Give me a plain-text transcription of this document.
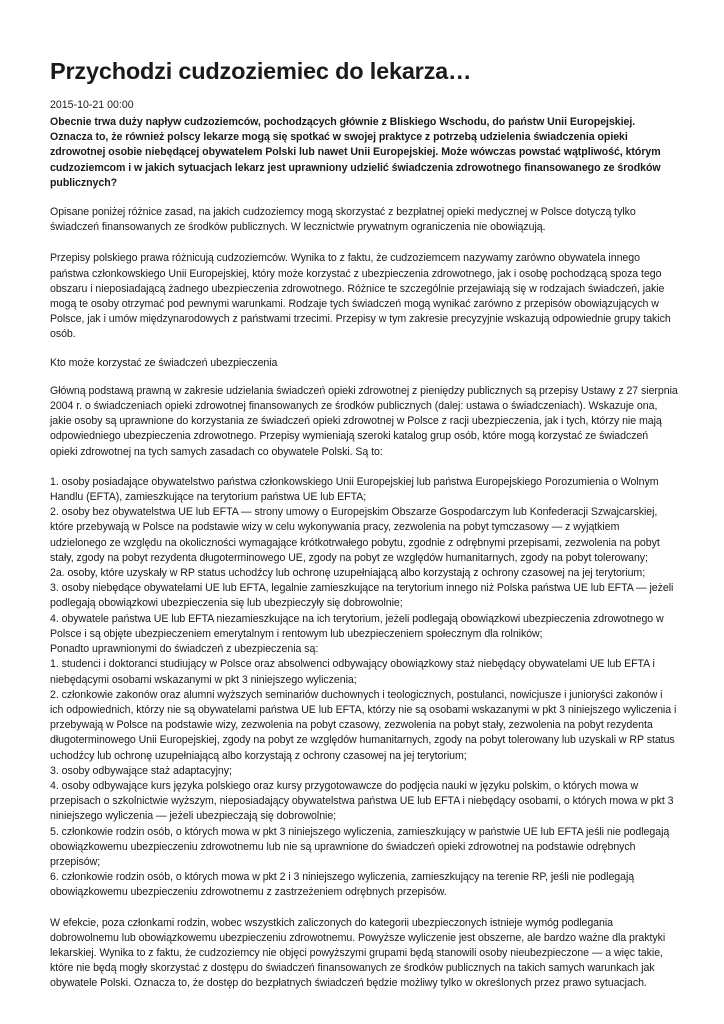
Przychodzi cudzoziemiec do lekarza…
2015-10-21 00:00
Obecnie trwa duży napływ cudzoziemców, pochodzących głównie z Bliskiego Wschodu, do państw Unii Europejskiej. Oznacza to, że również polscy lekarze mogą się spotkać w swojej praktyce z potrzebą udzielenia świadczenia opieki zdrowotnej osobie niebędącej obywatelem Polski lub nawet Unii Europejskiej. Może wówczas powstać wątpliwość, którym cudzoziemcom i w jakich sytuacjach lekarz jest uprawniony udzielić świadczenia zdrowotnego finansowanego ze środków publicznych?

Opisane poniżej różnice zasad, na jakich cudzoziemcy mogą skorzystać z bezpłatnej opieki medycznej w Polsce dotyczą tylko świadczeń finansowanych ze środków publicznych. W lecznictwie prywatnym ograniczenia nie obowiązują.

Przepisy polskiego prawa różnicują cudzoziemców. Wynika to z faktu, że cudzoziemcem nazywamy zarówno obywatela innego państwa członkowskiego Unii Europejskiej, który może korzystać z ubezpieczenia zdrowotnego, jak i osobę pochodzącą spoza tego obszaru i nieposiadającą żadnego ubezpieczenia zdrowotnego. Różnice te szczególnie przejawiają się w rodzajach świadczeń, jakie mogą te osoby otrzymać pod pewnymi warunkami. Rodzaje tych świadczeń mogą wynikać zarówno z przepisów obowiązujących w Polsce, jak i umów międzynarodowych z państwami trzecimi. Przepisy w tym zakresie precyzyjnie wskazują odpowiednie grupy takich osób.

Kto może korzystać ze świadczeń ubezpieczenia

Główną podstawą prawną w zakresie udzielania świadczeń opieki zdrowotnej z pieniędzy publicznych są przepisy Ustawy z 27 sierpnia 2004 r. o świadczeniach opieki zdrowotnej finansowanych ze środków publicznych (dalej: ustawa o świadczeniach). Wskazuje ona, jakie osoby są uprawnione do korzystania ze świadczeń opieki zdrowotnej w Polsce z racji ubezpieczenia, jak i tych, którzy nie mają odpowiedniego ubezpieczenia zdrowotnego. Przepisy wymieniają szeroki katalog grup osób, które mogą korzystać ze świadczeń opieki zdrowotnej na tych samych zasadach co obywatele Polski. Są to:

1. osoby posiadające obywatelstwo państwa członkowskiego Unii Europejskiej lub państwa Europejskiego Porozumienia o Wolnym Handlu (EFTA), zamieszkujące na terytorium państwa UE lub EFTA;

2. osoby bez obywatelstwa UE lub EFTA — strony umowy o Europejskim Obszarze Gospodarczym lub Konfederacji Szwajcarskiej, które przebywają w Polsce na podstawie wizy w celu wykonywania pracy, zezwolenia na pobyt tymczasowy — z wyjątkiem udzielonego ze względu na okoliczności wymagające krótkotrwałego pobytu, zgodnie z odrębnymi przepisami, zezwolenia na pobyt stały, zgody na pobyt rezydenta długoterminowego UE, zgody na pobyt ze względów humanitarnych, zgody na pobyt tolerowany;

2a. osoby, które uzyskały w RP status uchodźcy lub ochronę uzupełniającą albo korzystają z ochrony czasowej na jej terytorium;

3. osoby niebędące obywatelami UE lub EFTA, legalnie zamieszkujące na terytorium innego niż Polska państwa UE lub EFTA — jeżeli podlegają obowiązkowi ubezpieczenia się lub ubezpieczyły się dobrowolnie;

4. obywatele państwa UE lub EFTA niezamieszkujące na ich terytorium, jeżeli podlegają obowiązkowi ubezpieczenia zdrowotnego w Polsce i są objęte ubezpieczeniem emerytalnym i rentowym lub ubezpieczeniem społecznym dla rolników;

Ponadto uprawnionymi do świadczeń z ubezpieczenia są:

1. studenci i doktoranci studiujący w Polsce oraz absolwenci odbywający obowiązkowy staż niebędący obywatelami UE lub EFTA i niebędącymi osobami wskazanymi w pkt 3 niniejszego wyliczenia;

2. członkowie zakonów oraz alumni wyższych seminariów duchownych i teologicznych, postulanci, nowicjusze i junioryści zakonów i ich odpowiednich, którzy nie są obywatelami państwa UE lub EFTA, którzy nie są osobami wskazanymi w pkt 3 niniejszego wyliczenia i przebywają w Polsce na podstawie wizy, zezwolenia na pobyt czasowy, zezwolenia na pobyt stały, zezwolenia na pobyt rezydenta długoterminowego Unii Europejskiej, zgody na pobyt ze względów humanitarnych, zgody na pobyt tolerowany lub uzyskali w RP status uchodźcy lub ochronę uzupełniającą albo korzystają z ochrony czasowej na jej terytorium;

3. osoby odbywające staż adaptacyjny;

4. osoby odbywające kurs języka polskiego oraz kursy przygotowawcze do podjęcia nauki w języku polskim, o których mowa w przepisach o szkolnictwie wyższym, nieposiadający obywatelstwa państwa UE lub EFTA i niebędący osobami, o których mowa w pkt 3 niniejszego wyliczenia — jeżeli ubezpieczają się dobrowolnie;

5. członkowie rodzin osób, o których mowa w pkt 3 niniejszego wyliczenia, zamieszkujący w państwie UE lub EFTA jeśli nie podlegają obowiązkowemu ubezpieczeniu zdrowotnemu lub nie są uprawnione do świadczeń opieki zdrowotnej na podstawie odrębnych przepisów;

6. członkowie rodzin osób, o których mowa w pkt 2 i 3 niniejszego wyliczenia, zamieszkujący na terenie RP, jeśli nie podlegają obowiązkowemu ubezpieczeniu zdrowotnemu z zastrzeżeniem odrębnych przepisów.

W efekcie, poza członkami rodzin, wobec wszystkich zaliczonych do kategorii ubezpieczonych istnieje wymóg podlegania dobrowolnemu lub obowiązkowemu ubezpieczeniu zdrowotnemu. Powyższe wyliczenie jest obszerne, ale bardzo ważne dla praktyki lekarskiej. Wynika to z faktu, że cudzoziemcy nie objęci powyższymi grupami będą stanowili osoby nieubezpieczone — a więc takie, które nie będą mogły skorzystać z dostępu do świadczeń finansowanych ze środków publicznych na takich samych warunkach jak obywatele Polski. Oznacza to, że dostęp do bezpłatnych świadczeń będzie możliwy tylko w określonych przez prawo sytuacjach.
